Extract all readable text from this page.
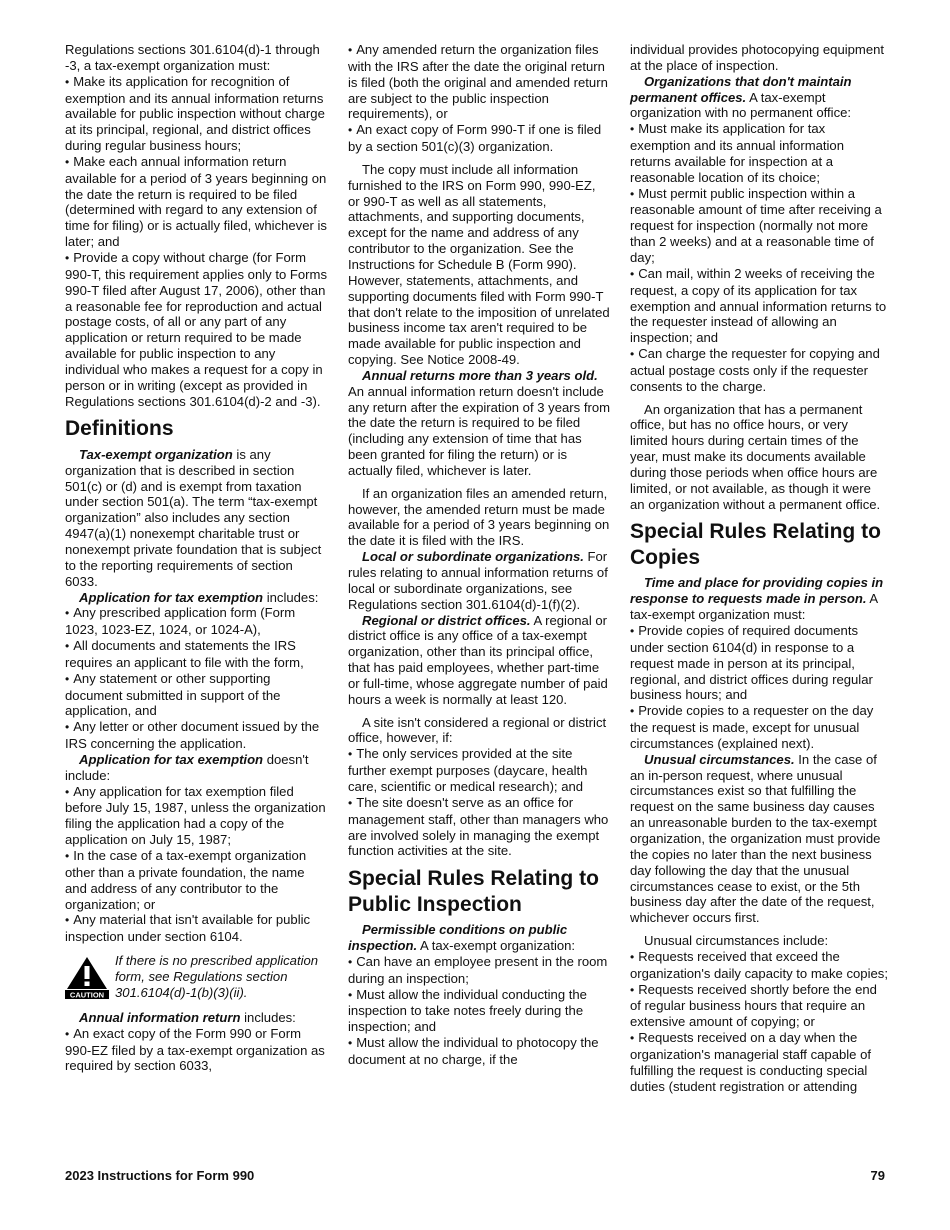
Regulations sections 301.6104(d)-1 through -3, a tax-exempt organization must:

• Make its application for recognition of exemption and its annual information returns available for public inspection without charge at its principal, regional, and district offices during regular business hours;

• Make each annual information return available for a period of 3 years beginning on the date the return is required to be filed (determined with regard to any extension of time for filing) or is actually filed, whichever is later; and

• Provide a copy without charge (for Form 990-T, this requirement applies only to Forms 990-T filed after August 17, 2006), other than a reasonable fee for reproduction and actual postage costs, of all or any part of any application or return required to be made available for public inspection to any individual who makes a request for a copy in person or in writing (except as provided in Regulations sections 301.6104(d)-2 and -3).

Definitions

Tax-exempt organization is any organization that is described in section 501(c) or (d) and is exempt from taxation under section 501(a). The term “tax-exempt organization” also includes any section 4947(a)(1) nonexempt charitable trust or nonexempt private foundation that is subject to the reporting requirements of section 6033.

Application for tax exemption includes:

• Any prescribed application form (Form 1023, 1023-EZ, 1024, or 1024-A),

• All documents and statements the IRS requires an applicant to file with the form,

• Any statement or other supporting document submitted in support of the application, and

• Any letter or other document issued by the IRS concerning the application.

Application for tax exemption doesn't include:

• Any application for tax exemption filed before July 15, 1987, unless the organization filing the application had a copy of the application on July 15, 1987;

• In the case of a tax-exempt organization other than a private foundation, the name and address of any contributor to the organization; or

• Any material that isn't available for public inspection under section 6104.

CAUTION
If there is no prescribed application form, see Regulations section 301.6104(d)-1(b)(3)(ii).

Annual information return includes:

• An exact copy of the Form 990 or Form 990-EZ filed by a tax-exempt organization as required by section 6033,

• Any amended return the organization files with the IRS after the date the original return is filed (both the original and amended return are subject to the public inspection requirements), or

• An exact copy of Form 990-T if one is filed by a section 501(c)(3) organization.

The copy must include all information furnished to the IRS on Form 990, 990-EZ, or 990-T as well as all statements, attachments, and supporting documents, except for the name and address of any contributor to the organization. See the Instructions for Schedule B (Form 990). However, statements, attachments, and supporting documents filed with Form 990-T that don't relate to the imposition of unrelated business income tax aren't required to be made available for public inspection and copying. See Notice 2008-49.

Annual returns more than 3 years old. An annual information return doesn't include any return after the expiration of 3 years from the date the return is required to be filed (including any extension of time that has been granted for filing the return) or is actually filed, whichever is later.

If an organization files an amended return, however, the amended return must be made available for a period of 3 years beginning on the date it is filed with the IRS.

Local or subordinate organizations. For rules relating to annual information returns of local or subordinate organizations, see Regulations section 301.6104(d)-1(f)(2).

Regional or district offices. A regional or district office is any office of a tax-exempt organization, other than its principal office, that has paid employees, whether part-time or full-time, whose aggregate number of paid hours a week is normally at least 120.

A site isn't considered a regional or district office, however, if:

• The only services provided at the site further exempt purposes (daycare, health care, scientific or medical research); and

• The site doesn't serve as an office for management staff, other than managers who are involved solely in managing the exempt function activities at the site.

Special Rules Relating to Public Inspection

Permissible conditions on public inspection. A tax-exempt organization:

• Can have an employee present in the room during an inspection;

• Must allow the individual conducting the inspection to take notes freely during the inspection; and

• Must allow the individual to photocopy the document at no charge, if the

individual provides photocopying equipment at the place of inspection.

Organizations that don't maintain permanent offices. A tax-exempt organization with no permanent office:

• Must make its application for tax exemption and its annual information returns available for inspection at a reasonable location of its choice;

• Must permit public inspection within a reasonable amount of time after receiving a request for inspection (normally not more than 2 weeks) and at a reasonable time of day;

• Can mail, within 2 weeks of receiving the request, a copy of its application for tax exemption and annual information returns to the requester instead of allowing an inspection; and

• Can charge the requester for copying and actual postage costs only if the requester consents to the charge.

An organization that has a permanent office, but has no office hours, or very limited hours during certain times of the year, must make its documents available during those periods when office hours are limited, or not available, as though it were an organization without a permanent office.

Special Rules Relating to Copies

Time and place for providing copies in response to requests made in person. A tax-exempt organization must:

• Provide copies of required documents under section 6104(d) in response to a request made in person at its principal, regional, and district offices during regular business hours; and

• Provide copies to a requester on the day the request is made, except for unusual circumstances (explained next).

Unusual circumstances. In the case of an in-person request, where unusual circumstances exist so that fulfilling the request on the same business day causes an unreasonable burden to the tax-exempt organization, the organization must provide the copies no later than the next business day following the day that the unusual circumstances cease to exist, or the 5th business day after the date of the request, whichever occurs first.

Unusual circumstances include:

• Requests received that exceed the organization's daily capacity to make copies;

• Requests received shortly before the end of regular business hours that require an extensive amount of copying; or

• Requests received on a day when the organization's managerial staff capable of fulfilling the request is conducting special duties (student registration or attending

2023 Instructions for Form 990	79
